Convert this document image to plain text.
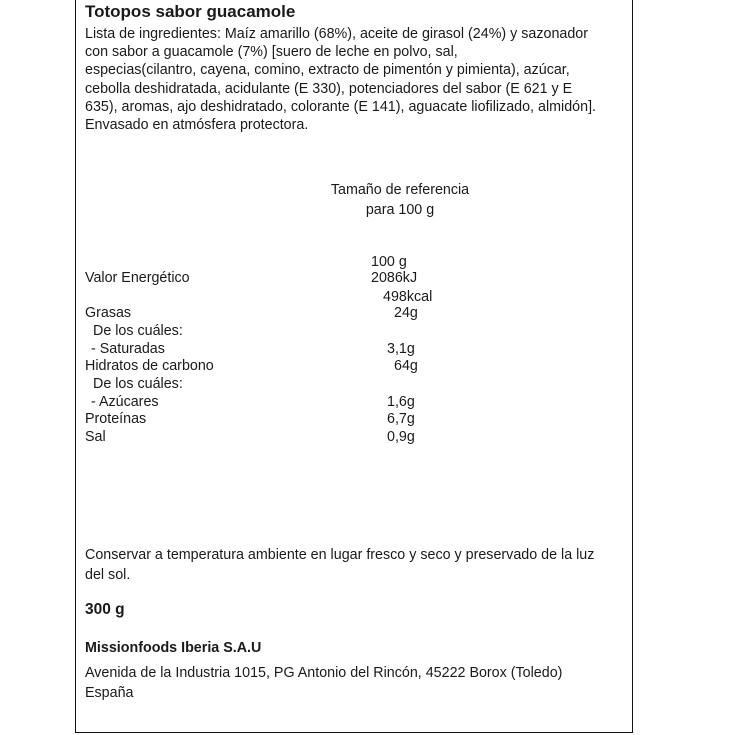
Totopos sabor guacamole
Lista de ingredientes: Maíz amarillo (68%), aceite de girasol (24%) y sazonador
con sabor a guacamole (7%) [suero de leche en polvo, sal,
especias(cilantro, cayena, comino, extracto de pimentón y pimienta), azúcar,
cebolla deshidratada, acidulante (E 330), potenciadores del sabor (E 621 y E
635), aromas, ajo deshidratado, colorante (E 141), aguacate liofilizado, almidón].
Envasado en atmósfera protectora.
Tamaño de referencia
para 100 g
100 g
Valor Energético	2086kJ
498kcal
Grasas	24g
De los cuáles:
- Saturadas	3,1g
Hidratos de carbono	64g
De los cuáles:
- Azúcares	1,6g
Proteínas	6,7g
Sal	0,9g
Conservar a temperatura ambiente en lugar fresco y seco y preservado de la luz
del sol.
300 g
Missionfoods Iberia S.A.U
Avenida de la Industria 1015, PG Antonio del Rincón, 45222 Borox (Toledo)
España
